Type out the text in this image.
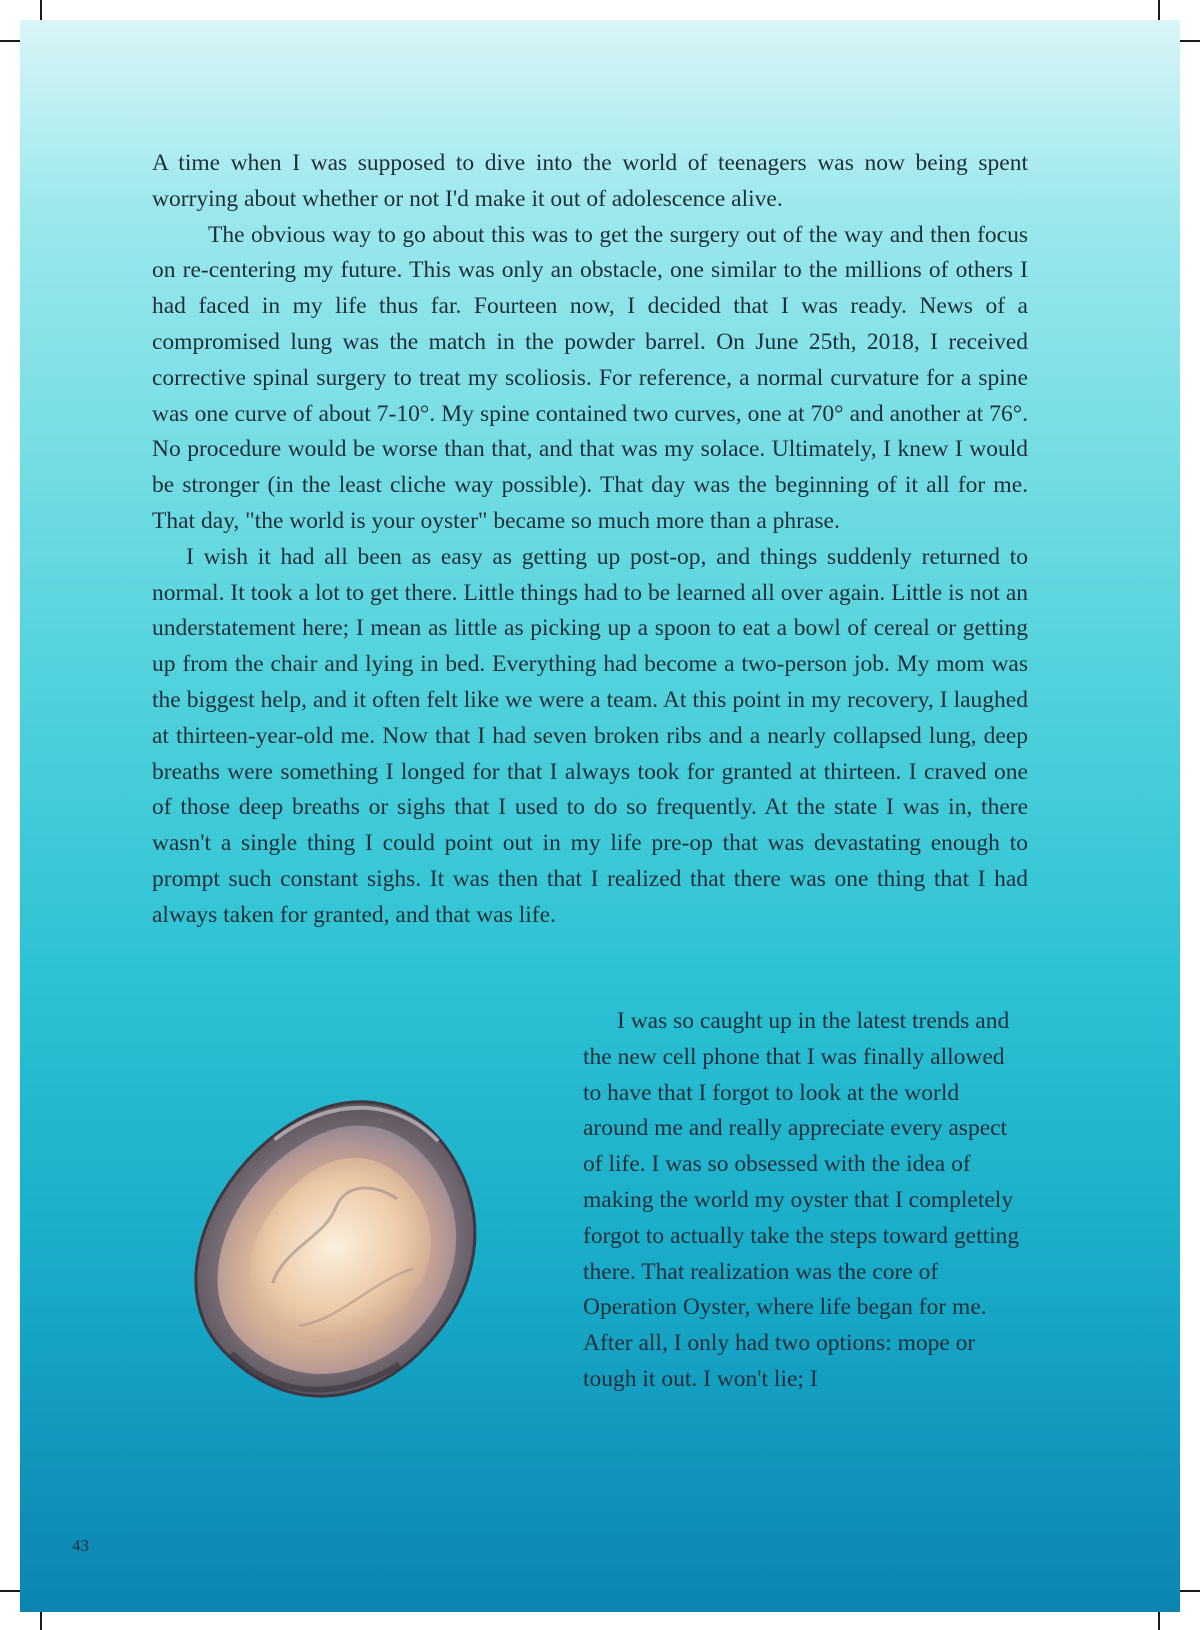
A time when I was supposed to dive into the world of teenagers was now being spent worrying about whether or not I'd make it out of adolescence alive.

The obvious way to go about this was to get the surgery out of the way and then focus on re-centering my future. This was only an obstacle, one similar to the millions of others I had faced in my life thus far. Fourteen now, I decided that I was ready. News of a compromised lung was the match in the powder barrel. On June 25th, 2018, I received corrective spinal surgery to treat my scoliosis. For reference, a normal curvature for a spine was one curve of about 7-10°. My spine contained two curves, one at 70° and another at 76°. No procedure would be worse than that, and that was my solace. Ultimately, I knew I would be stronger (in the least cliche way possible). That day was the beginning of it all for me. That day, "the world is your oyster" became so much more than a phrase.

I wish it had all been as easy as getting up post-op, and things suddenly returned to normal. It took a lot to get there. Little things had to be learned all over again. Little is not an understatement here; I mean as little as picking up a spoon to eat a bowl of cereal or getting up from the chair and lying in bed. Everything had become a two-person job. My mom was the biggest help, and it often felt like we were a team. At this point in my recovery, I laughed at thirteen-year-old me. Now that I had seven broken ribs and a nearly collapsed lung, deep breaths were something I longed for that I always took for granted at thirteen. I craved one of those deep breaths or sighs that I used to do so frequently. At the state I was in, there wasn't a single thing I could point out in my life pre-op that was devastating enough to prompt such constant sighs. It was then that I realized that there was one thing that I had always taken for granted, and that was life.

I was so caught up in the latest trends and the new cell phone that I was finally allowed to have that I forgot to look at the world around me and really appreciate every aspect of life. I was so obsessed with the idea of making the world my oyster that I completely forgot to actually take the steps toward getting there. That realization was the core of Operation Oyster, where life began for me. After all, I only had two options: mope or tough it out. I won't lie; I

43
